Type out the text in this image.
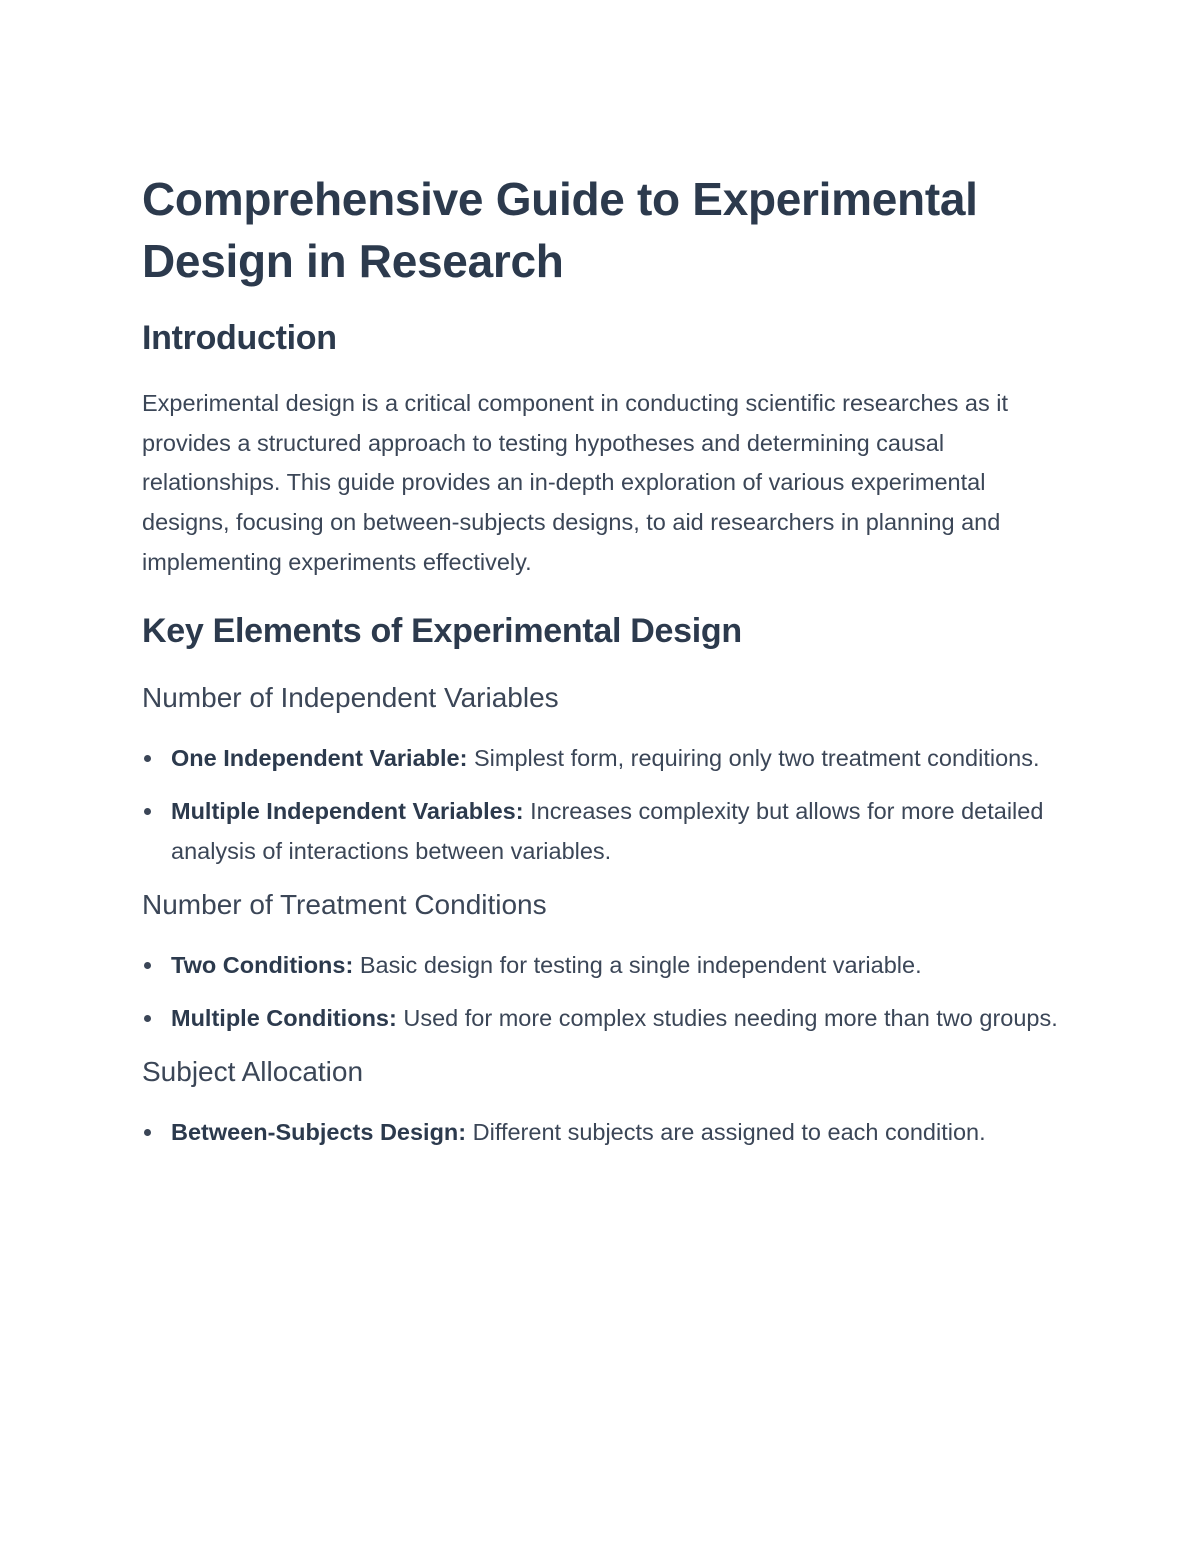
Comprehensive Guide to Experimental Design in Research
Introduction

Experimental design is a critical component in conducting scientific researches as it provides a structured approach to testing hypotheses and determining causal relationships. This guide provides an in-depth exploration of various experimental designs, focusing on between-subjects designs, to aid researchers in planning and implementing experiments effectively.

Key Elements of Experimental Design
Number of Independent Variables
One Independent Variable: Simplest form, requiring only two treatment conditions.
Multiple Independent Variables: Increases complexity but allows for more detailed analysis of interactions between variables.
Number of Treatment Conditions
Two Conditions: Basic design for testing a single independent variable.
Multiple Conditions: Used for more complex studies needing more than two groups.
Subject Allocation
Between-Subjects Design: Different subjects are assigned to each condition.
